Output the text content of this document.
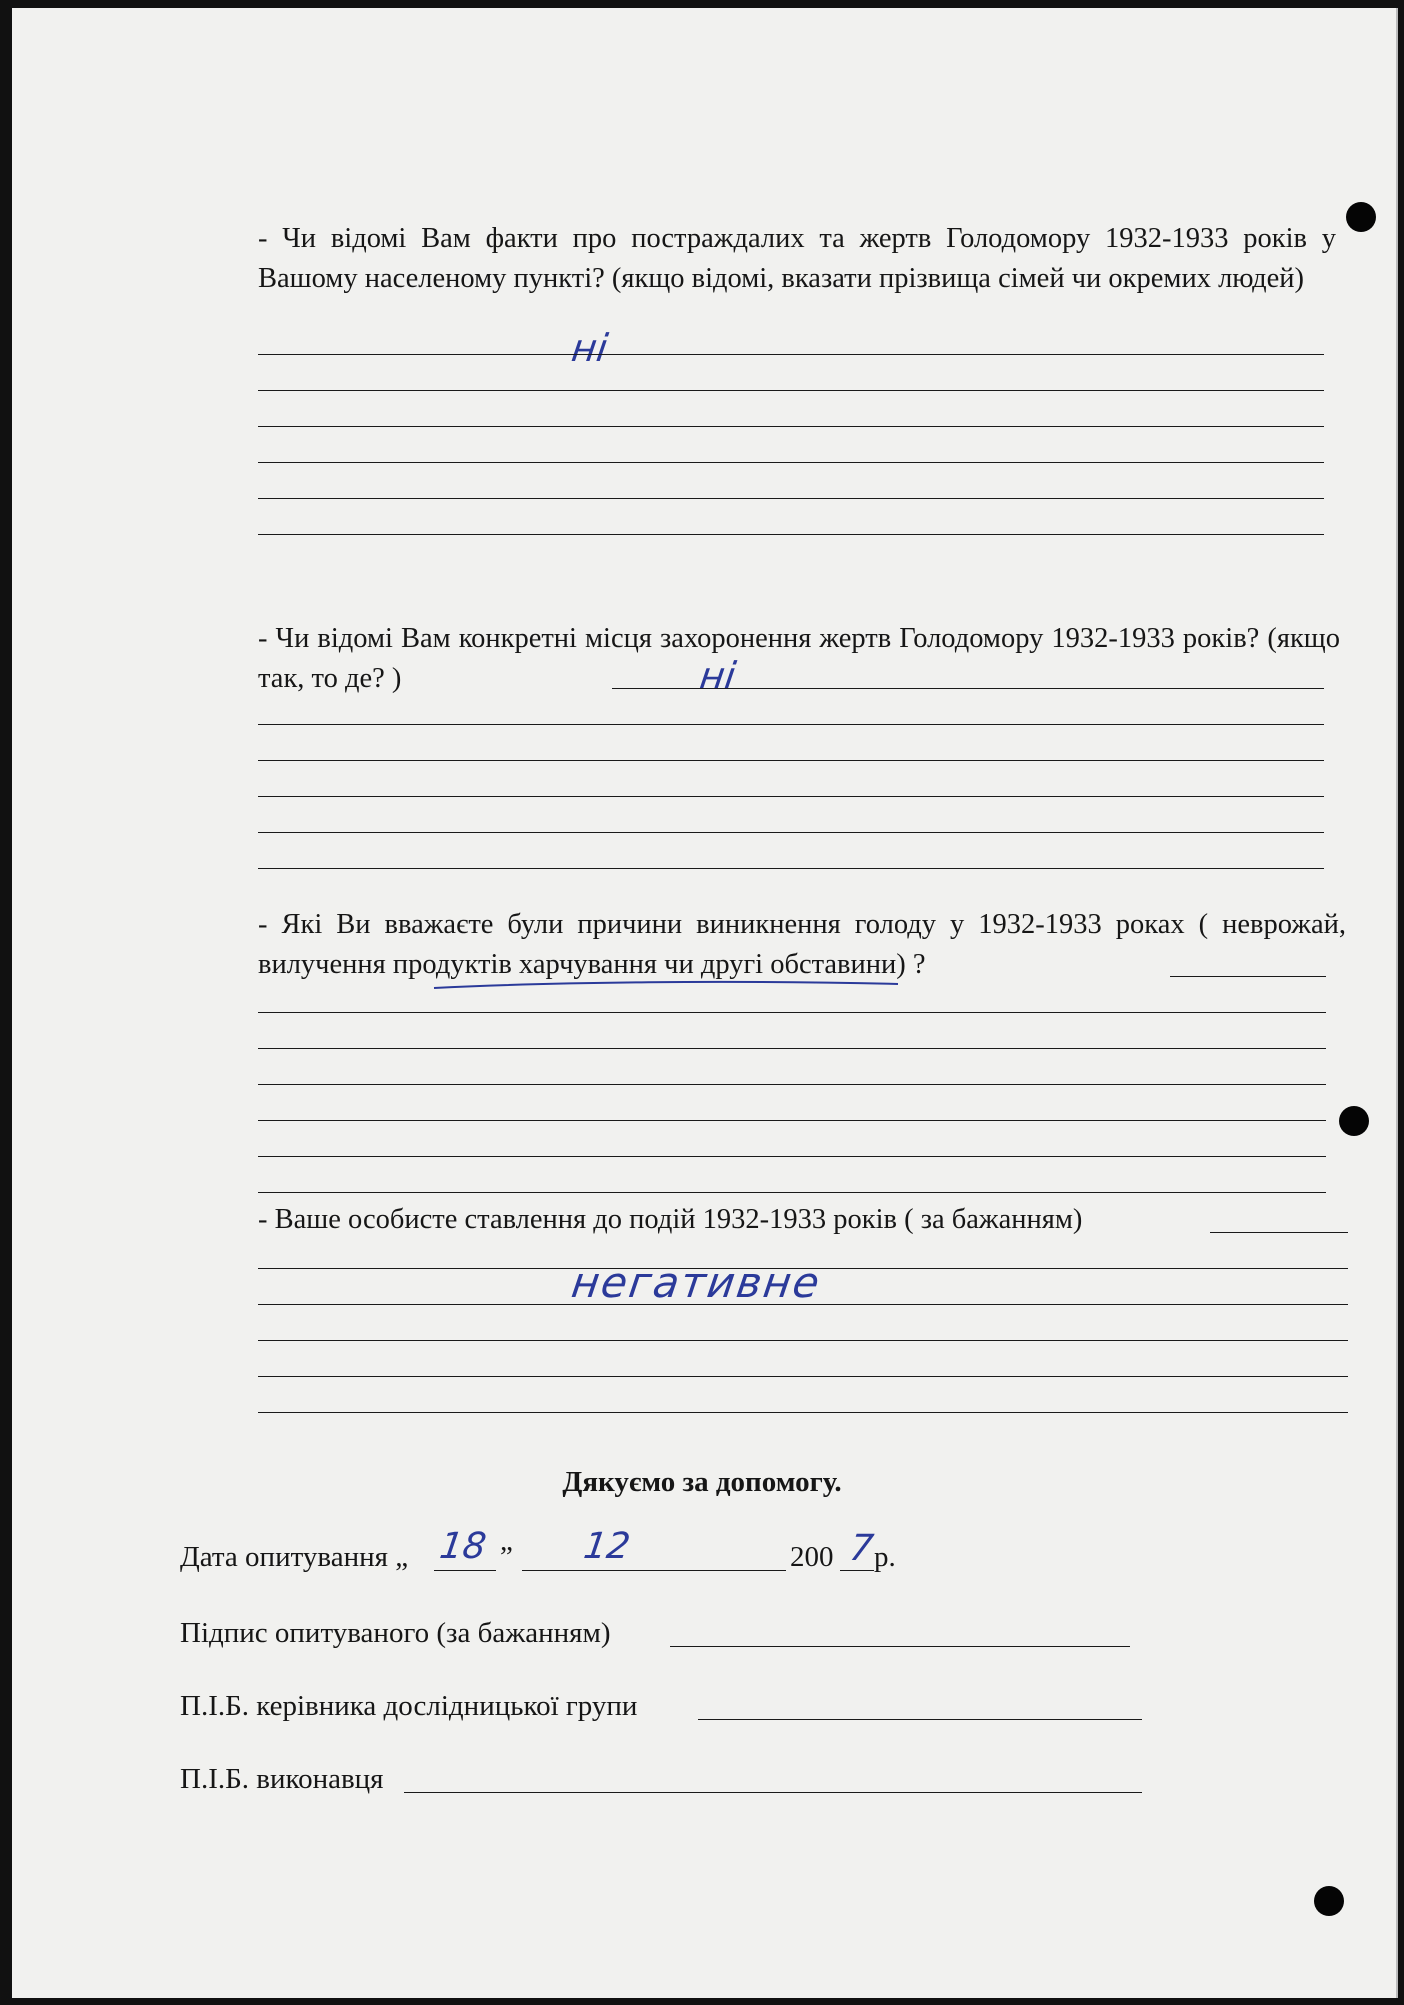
- Чи відомі Вам факти про постраждалих та жертв Голодомору 1932-1933 років у Вашому населеному пункті? (якщо відомі, вказати прізвища сімей чи окремих людей)
ні
- Чи відомі Вам конкретні місця захоронення жертв Голодомору 1932-1933 років? (якщо так, то де? )	ні
- Які Ви вважаєте були причини виникнення голоду у 1932-1933 роках ( неврожай, вилучення продуктів харчування чи другі обставини) ?
- Ваше особисте ставлення до подій 1932-1933 років ( за бажанням)
негативне
Дякуємо за допомогу.
Дата опитування „ 18 ” 12	200 7
р.
Підпис опитуваного (за бажанням)
П.І.Б. керівника дослідницької групи
П.І.Б. виконавця
